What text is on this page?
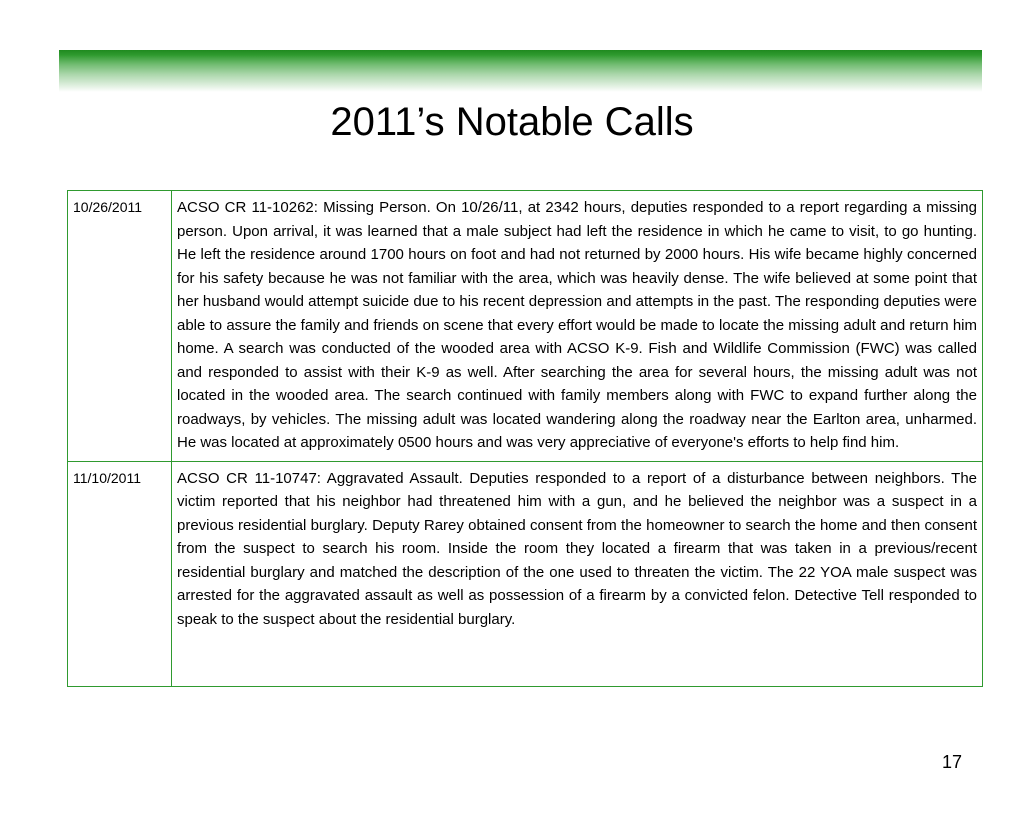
2011’s Notable Calls
10/26/2011	ACSO CR 11-10262: Missing Person. On 10/26/11, at 2342 hours, deputies responded to a report regarding a missing person. Upon arrival, it was learned that a male subject had left the residence in which he came to visit, to go hunting. He left the residence around 1700 hours on foot and had not returned by 2000 hours. His wife became highly concerned for his safety because he was not familiar with the area, which was heavily dense. The wife believed at some point that her husband would attempt suicide due to his recent depression and attempts in the past. The responding deputies were able to assure the family and friends on scene that every effort would be made to locate the missing adult and return him home. A search was conducted of the wooded area with ACSO K-9. Fish and Wildlife Commission (FWC) was called and responded to assist with their K-9 as well. After searching the area for several hours, the missing adult was not located in the wooded area. The search continued with family members along with FWC to expand further along the roadways, by vehicles. The missing adult was located wandering along the roadway near the Earlton area, unharmed. He was located at approximately 0500 hours and was very appreciative of everyone's efforts to help find him.
11/10/2011	ACSO CR 11-10747: Aggravated Assault. Deputies responded to a report of a disturbance between neighbors. The victim reported that his neighbor had threatened him with a gun, and he believed the neighbor was a suspect in a previous residential burglary. Deputy Rarey obtained consent from the homeowner to search the home and then consent from the suspect to search his room. Inside the room they located a firearm that was taken in a previous/recent residential burglary and matched the description of the one used to threaten the victim. The 22 YOA male suspect was arrested for the aggravated assault as well as possession of a firearm by a convicted felon. Detective Tell responded to speak to the suspect about the residential burglary.
17
